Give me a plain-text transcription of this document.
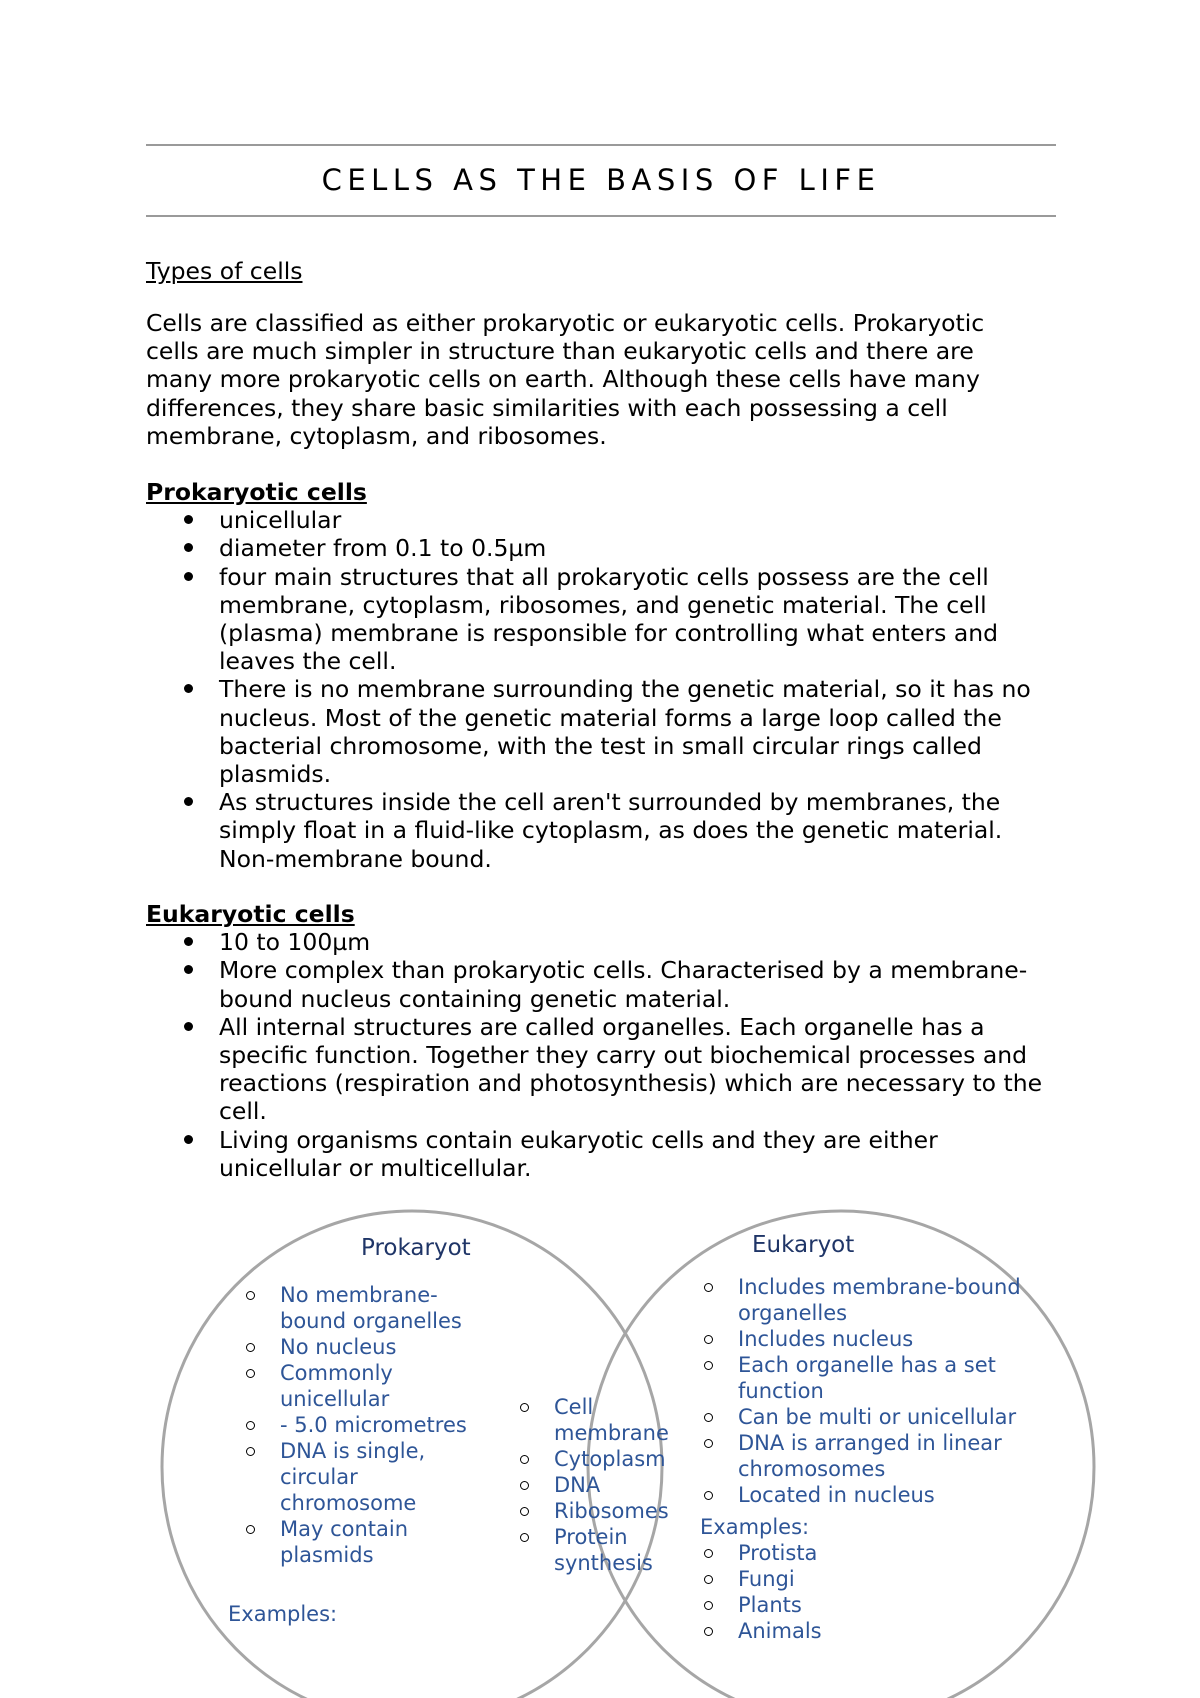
CELLS AS THE BASIS OF LIFE

Types of cells

Cells are classified as either prokaryotic or eukaryotic cells. Prokaryotic cells are much simpler in structure than eukaryotic cells and there are many more prokaryotic cells on earth. Although these cells have many differences, they share basic similarities with each possessing a cell membrane, cytoplasm, and ribosomes.

Prokaryotic cells

unicellular
diameter from 0.1 to 0.5µm
four main structures that all prokaryotic cells possess are the cell membrane, cytoplasm, ribosomes, and genetic material. The cell (plasma) membrane is responsible for controlling what enters and leaves the cell.
There is no membrane surrounding the genetic material, so it has no nucleus. Most of the genetic material forms a large loop called the bacterial chromosome, with the test in small circular rings called plasmids.
As structures inside the cell aren't surrounded by membranes, the simply float in a fluid-like cytoplasm, as does the genetic material. Non-membrane bound.

Eukaryotic cells

10 to 100µm
More complex than prokaryotic cells. Characterised by a membrane-bound nucleus containing genetic material.
All internal structures are called organelles. Each organelle has a specific function. Together they carry out biochemical processes and reactions (respiration and photosynthesis) which are necessary to the cell.
Living organisms contain eukaryotic cells and they are either unicellular or multicellular.
Prokaryot
No membrane-bound organelles
No nucleus
Commonly unicellular
- 5.0 micrometres
DNA is single, circular chromosome
May contain plasmids
Examples:
Cell membrane
Cytoplasm
DNA
Ribosomes
Protein synthesis
Eukaryot
Includes membrane-bound organelles
Includes nucleus
Each organelle has a set function
Can be multi or unicellular
DNA is arranged in linear chromosomes
Located in nucleus
Examples:
Protista
Fungi
Plants
Animals
